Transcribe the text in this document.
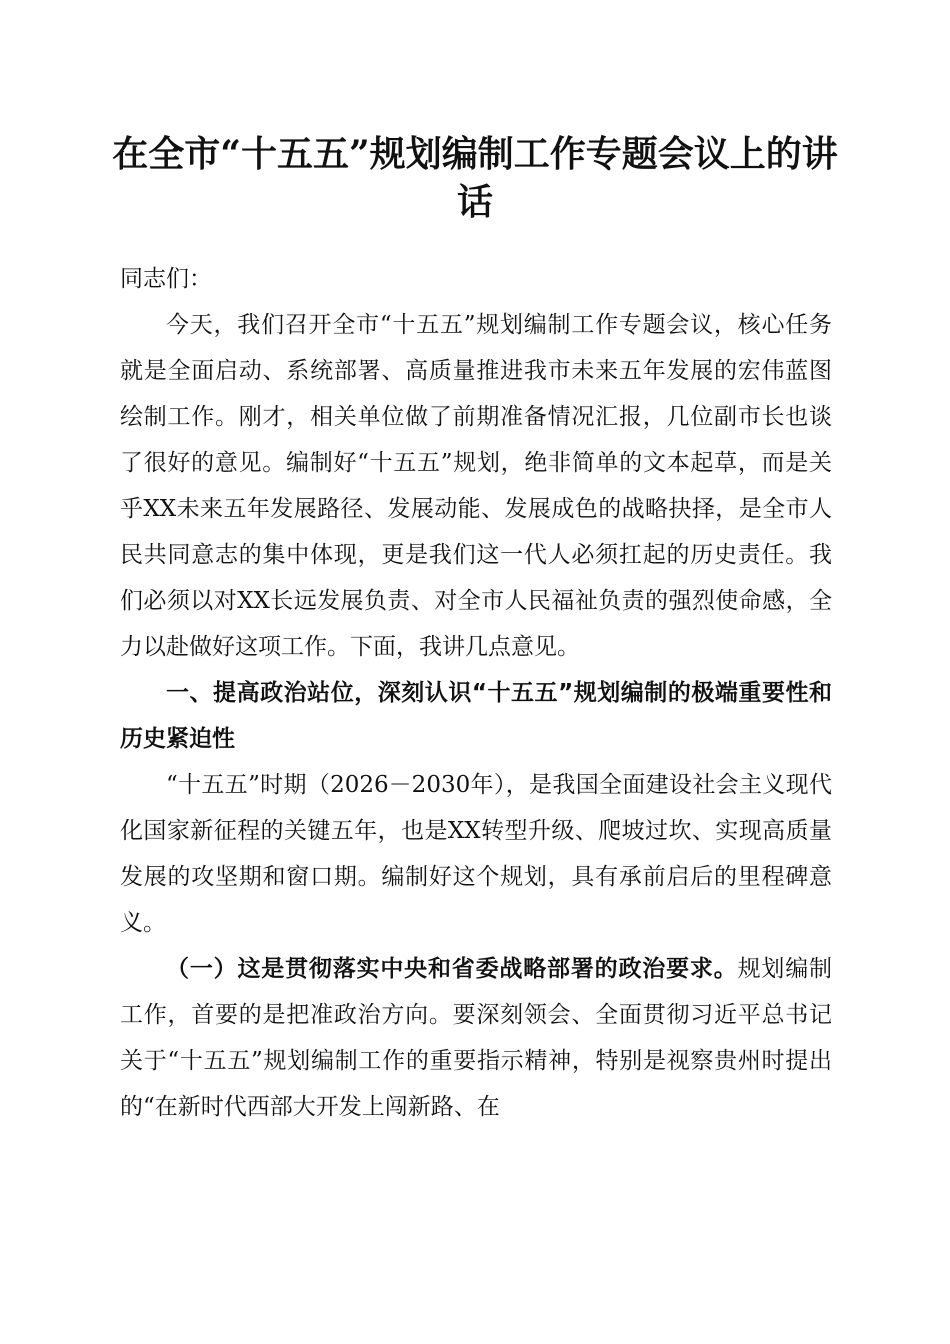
在全市“十五五”规划编制工作专题会议上的讲话

同志们：

今天，我们召开全市“十五五”规划编制工作专题会议，核心任务就是全面启动、系统部署、高质量推进我市未来五年发展的宏伟蓝图绘制工作。刚才，相关单位做了前期准备情况汇报，几位副市长也谈了很好的意见。编制好“十五五”规划，绝非简单的文本起草，而是关乎XX未来五年发展路径、发展动能、发展成色的战略抉择，是全市人民共同意志的集中体现，更是我们这一代人必须扛起的历史责任。我们必须以对XX长远发展负责、对全市人民福祉负责的强烈使命感，全力以赴做好这项工作。下面，我讲几点意见。

一、提高政治站位，深刻认识“十五五”规划编制的极端重要性和历史紧迫性

“十五五”时期（2026－2030年），是我国全面建设社会主义现代化国家新征程的关键五年，也是XX转型升级、爬坡过坎、实现高质量发展的攻坚期和窗口期。编制好这个规划，具有承前启后的里程碑意义。

（一）这是贯彻落实中央和省委战略部署的政治要求。规划编制工作，首要的是把准政治方向。要深刻领会、全面贯彻习近平总书记关于“十五五”规划编制工作的重要指示精神，特别是视察贵州时提出的“在新时代西部大开发上闯新路、在
